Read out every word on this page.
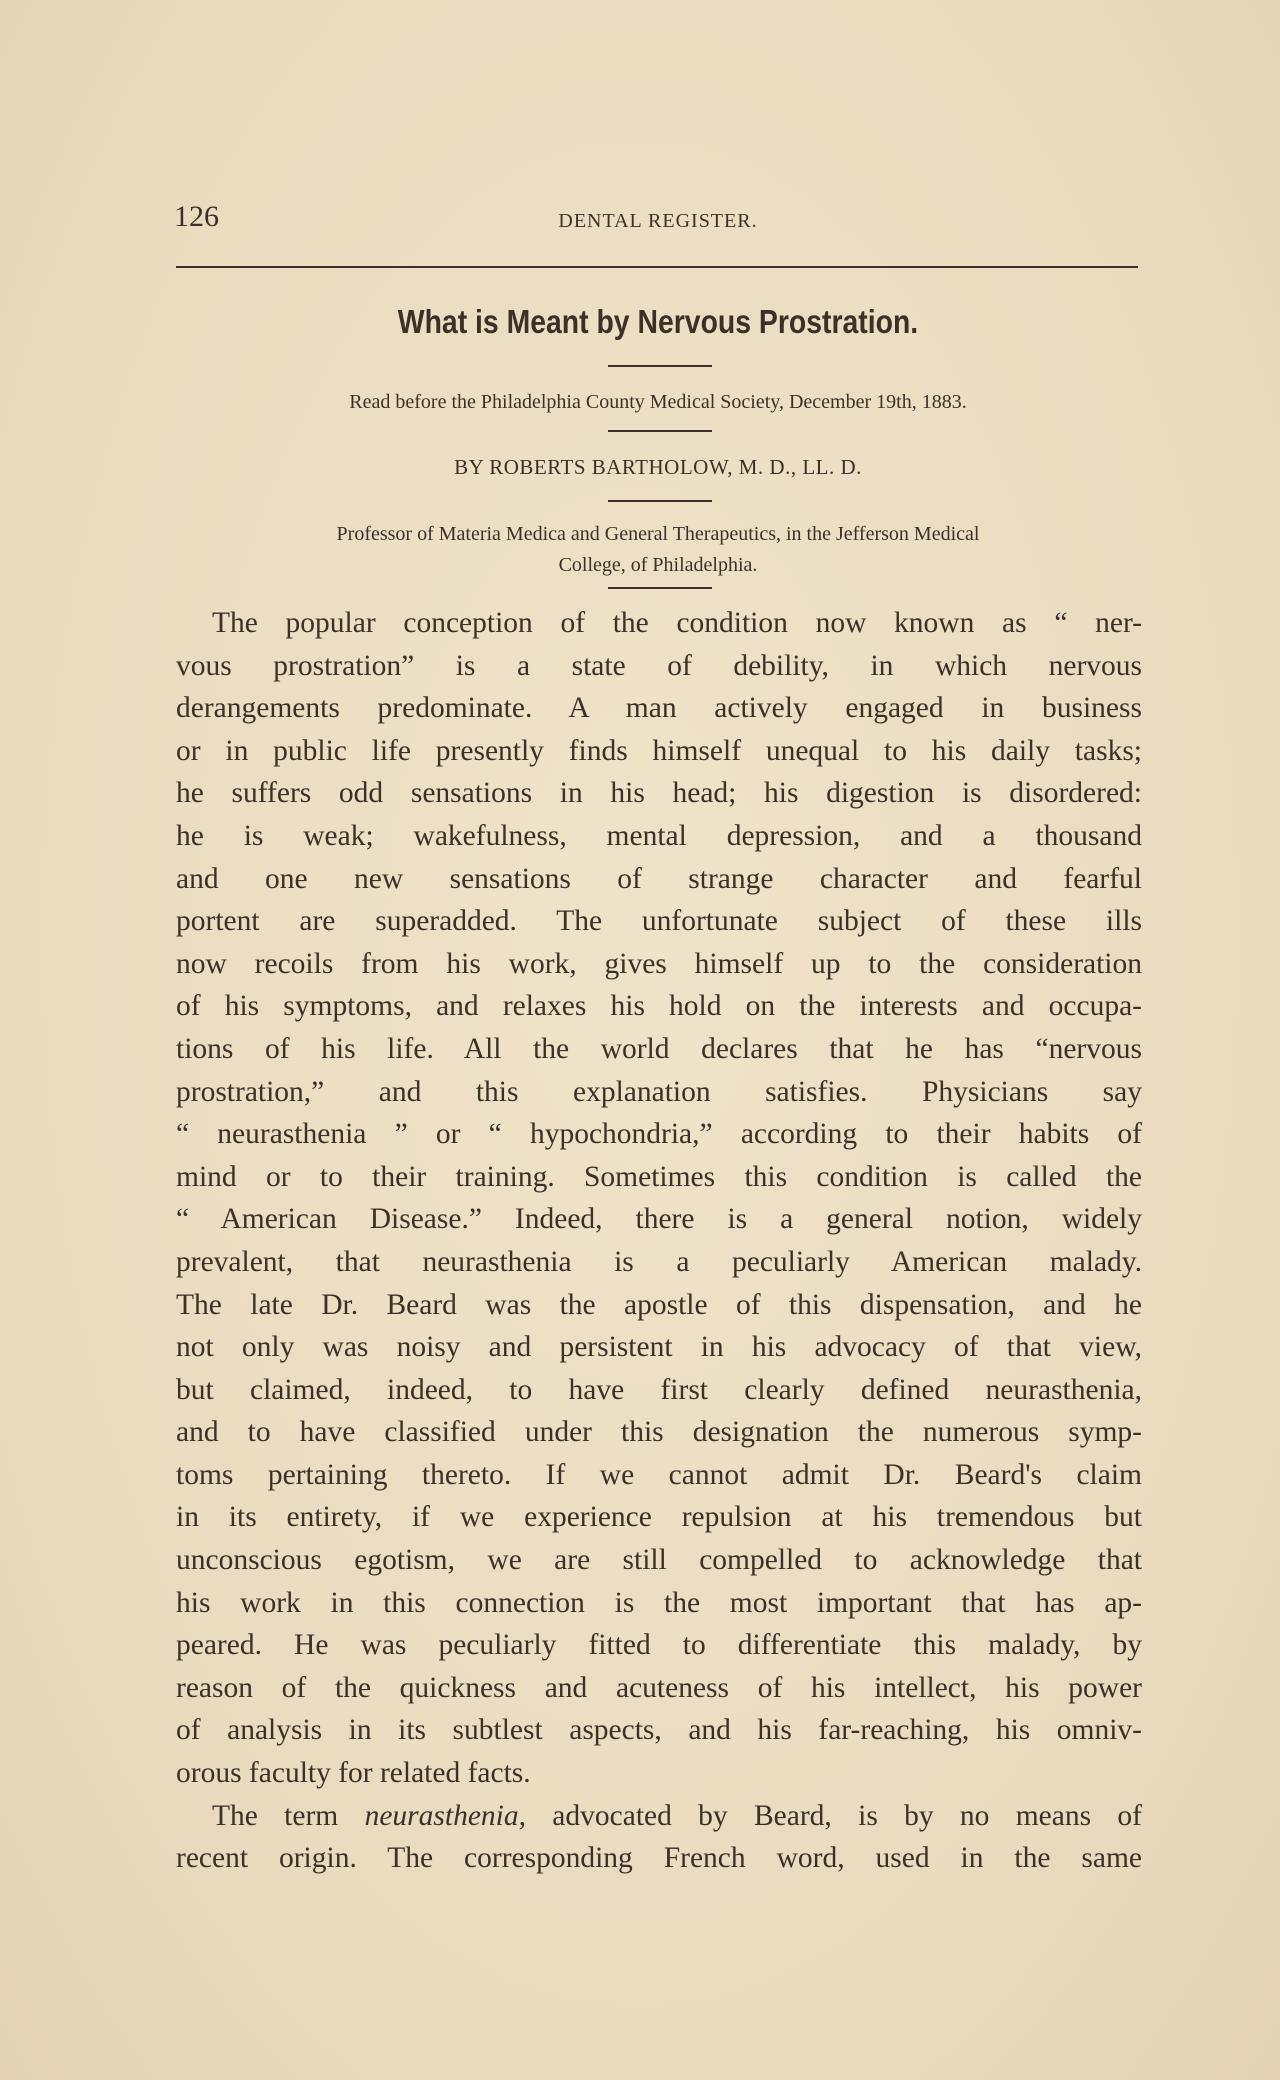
126	DENTAL REGISTER.
What is Meant by Nervous Prostration.
Read before the Philadelphia County Medical Society, December 19th, 1883.
BY ROBERTS BARTHOLOW, M. D., LL. D.
Professor of Materia Medica and General Therapeutics, in the Jefferson Medical
College, of Philadelphia.
The popular conception of the condition now known as “ ner-
vous prostration” is a state of debility, in which nervous
derangements predominate. A man actively engaged in business
or in public life presently finds himself unequal to his daily tasks;
he suffers odd sensations in his head; his digestion is disordered:
he is weak; wakefulness, mental depression, and a thousand
and one new sensations of strange character and fearful
portent are superadded. The unfortunate subject of these ills
now recoils from his work, gives himself up to the consideration
of his symptoms, and relaxes his hold on the interests and occupa-
tions of his life. All the world declares that he has “nervous
prostration,” and this explanation satisfies. Physicians say
“ neurasthenia ” or “ hypochondria,” according to their habits of
mind or to their training. Sometimes this condition is called the
“ American Disease.” Indeed, there is a general notion, widely
prevalent, that neurasthenia is a peculiarly American malady.
The late Dr. Beard was the apostle of this dispensation, and he
not only was noisy and persistent in his advocacy of that view,
but claimed, indeed, to have first clearly defined neurasthenia,
and to have classified under this designation the numerous symp-
toms pertaining thereto. If we cannot admit Dr. Beard's claim
in its entirety, if we experience repulsion at his tremendous but
unconscious egotism, we are still compelled to acknowledge that
his work in this connection is the most important that has ap-
peared. He was peculiarly fitted to differentiate this malady, by
reason of the quickness and acuteness of his intellect, his power
of analysis in its subtlest aspects, and his far-reaching, his omniv-
orous faculty for related facts.
The term neurasthenia, advocated by Beard, is by no means of
recent origin. The corresponding French word, used in the same
